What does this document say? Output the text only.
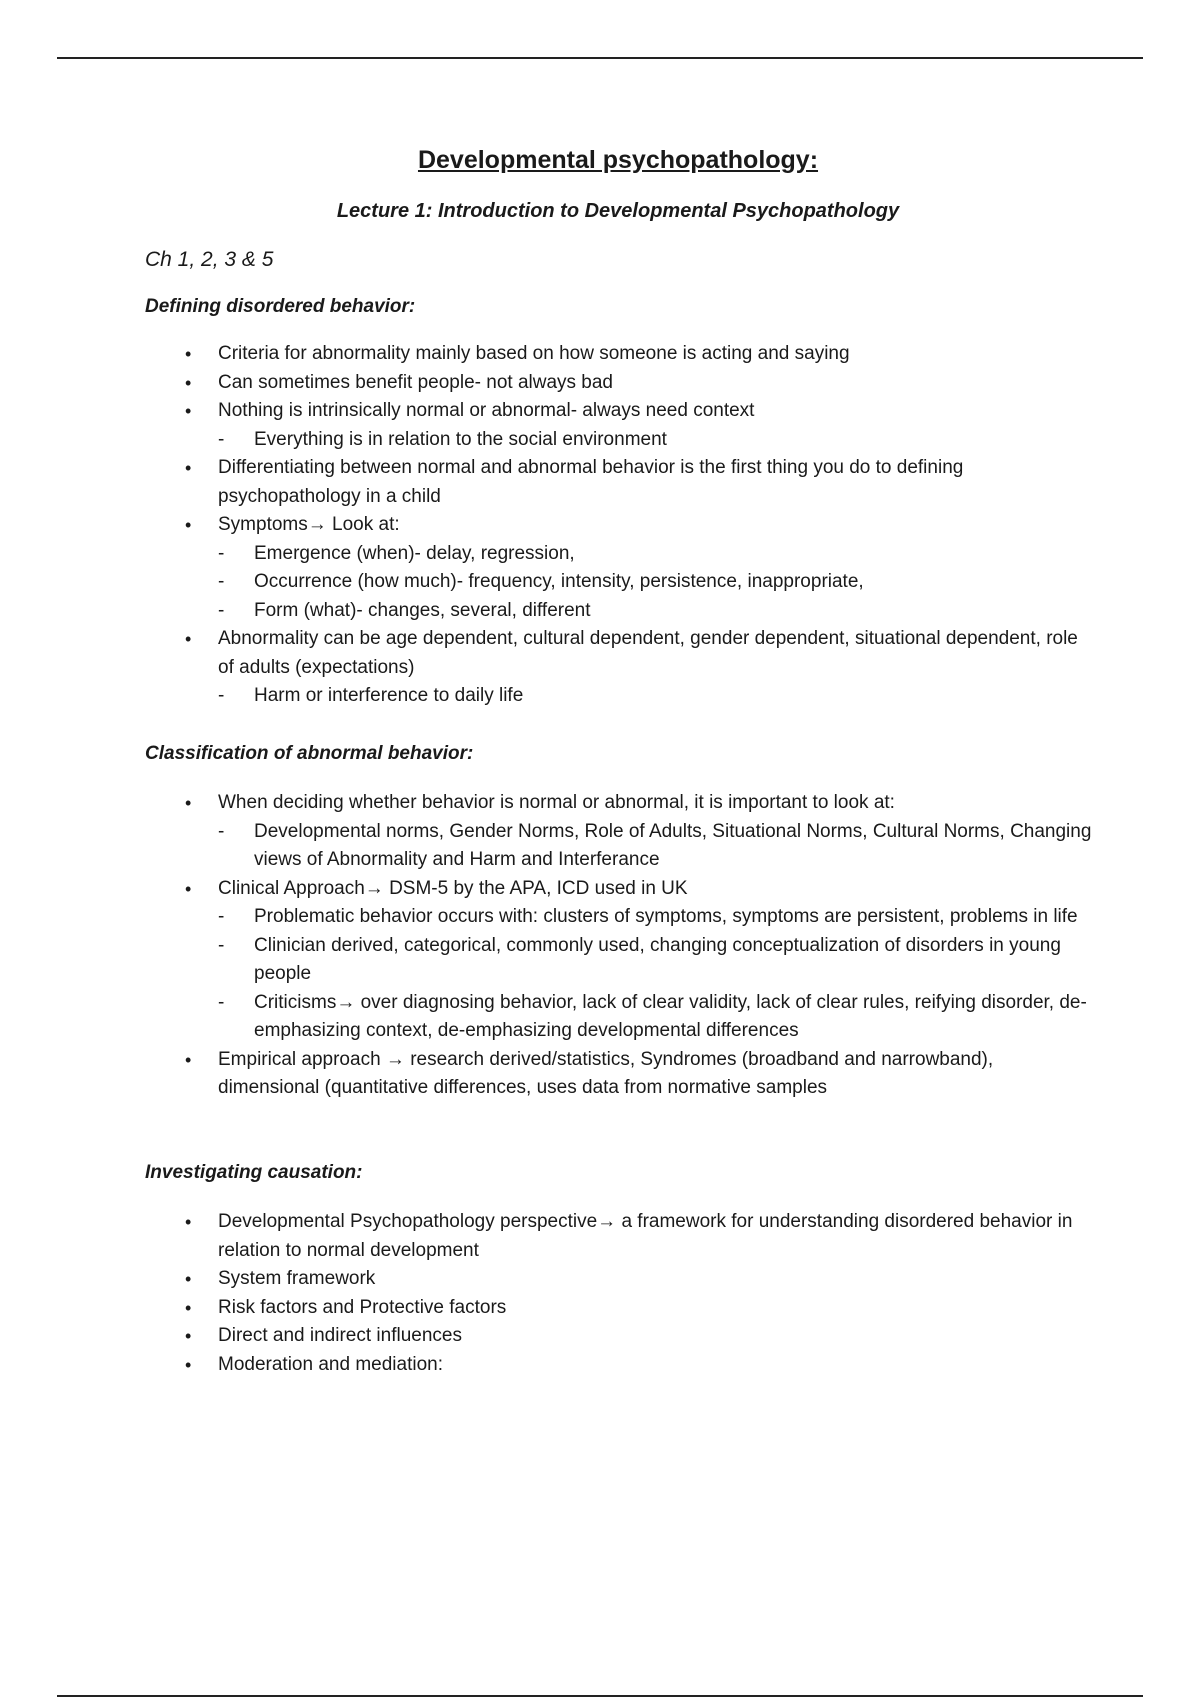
Developmental psychopathology:
Lecture 1: Introduction to Developmental Psychopathology
Ch 1, 2, 3 & 5

Defining disordered behavior:

• Criteria for abnormality mainly based on how someone is acting and saying
• Can sometimes benefit people- not always bad
• Nothing is intrinsically normal or abnormal- always need context
- Everything is in relation to the social environment
• Differentiating between normal and abnormal behavior is the first thing you do to defining psychopathology in a child
• Symptoms→ Look at:
- Emergence (when)- delay, regression,
- Occurrence (how much)- frequency, intensity, persistence, inappropriate,
- Form (what)- changes, several, different
• Abnormality can be age dependent, cultural dependent, gender dependent, situational dependent, role of adults (expectations)
- Harm or interference to daily life

Classification of abnormal behavior:

• When deciding whether behavior is normal or abnormal, it is important to look at:
- Developmental norms, Gender Norms, Role of Adults, Situational Norms, Cultural Norms, Changing views of Abnormality and Harm and Interferance
• Clinical Approach→ DSM-5 by the APA, ICD used in UK
- Problematic behavior occurs with: clusters of symptoms, symptoms are persistent, problems in life
- Clinician derived, categorical, commonly used, changing conceptualization of disorders in young people
- Criticisms→ over diagnosing behavior, lack of clear validity, lack of clear rules, reifying disorder, de-emphasizing context, de-emphasizing developmental differences
• Empirical approach → research derived/statistics, Syndromes (broadband and narrowband), dimensional (quantitative differences, uses data from normative samples

Investigating causation:

• Developmental Psychopathology perspective→ a framework for understanding disordered behavior in relation to normal development
• System framework
• Risk factors and Protective factors
• Direct and indirect influences
• Moderation and mediation:
